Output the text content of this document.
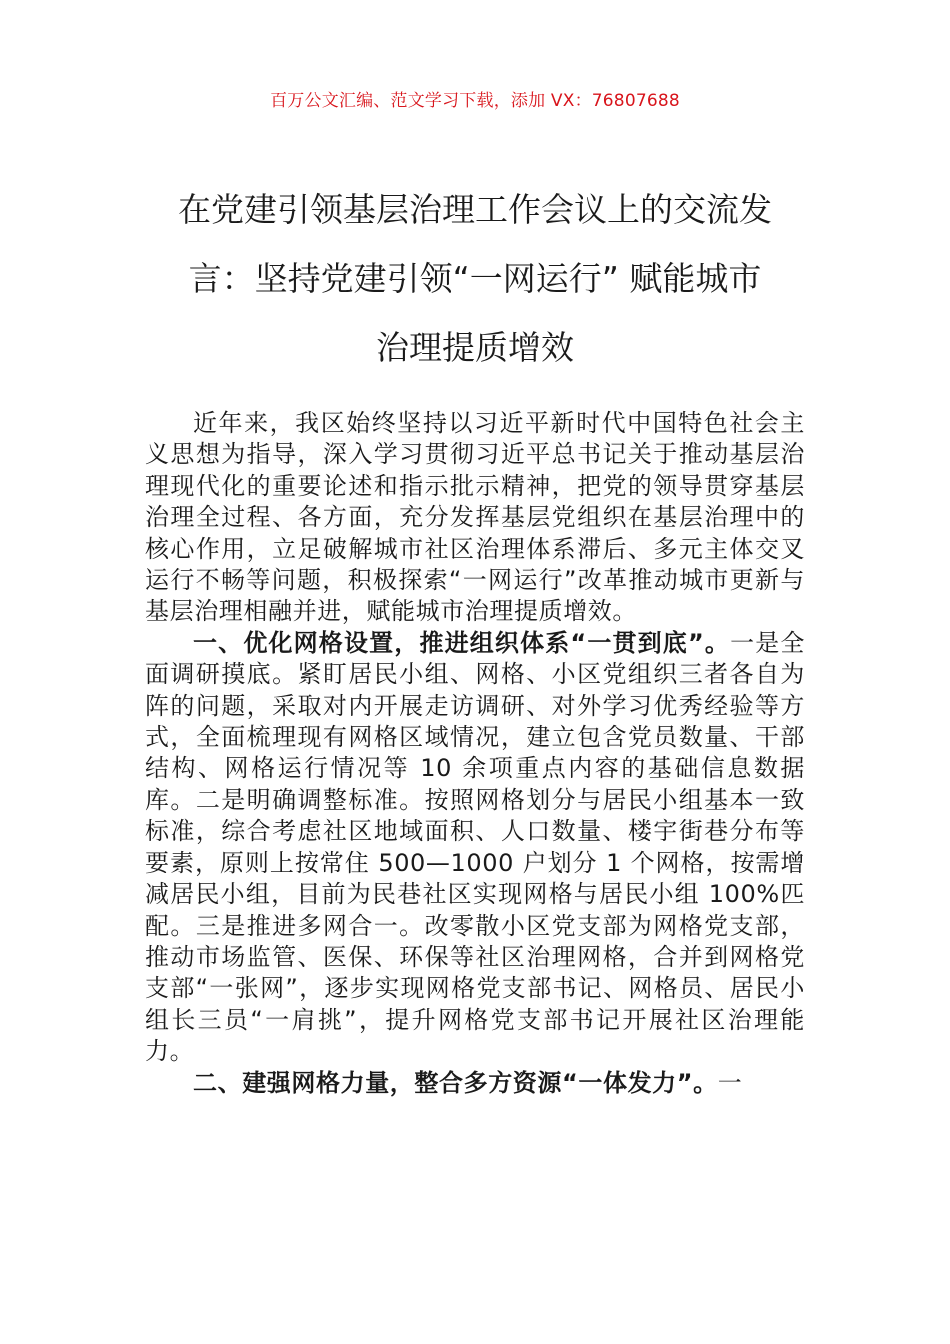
百万公文汇编、范文学习下载，添加 VX：76807688
在党建引领基层治理工作会议上的交流发
言：坚持党建引领“一网运行” 赋能城市
治理提质增效

近年来，我区始终坚持以习近平新时代中国特色社会主义思想为指导，深入学习贯彻习近平总书记关于推动基层治理现代化的重要论述和指示批示精神，把党的领导贯穿基层治理全过程、各方面，充分发挥基层党组织在基层治理中的核心作用，立足破解城市社区治理体系滞后、多元主体交叉运行不畅等问题，积极探索“一网运行”改革推动城市更新与基层治理相融并进，赋能城市治理提质增效。

一、优化网格设置，推进组织体系“一贯到底”。一是全面调研摸底。紧盯居民小组、网格、小区党组织三者各自为阵的问题，采取对内开展走访调研、对外学习优秀经验等方式，全面梳理现有网格区域情况，建立包含党员数量、干部结构、网格运行情况等 10 余项重点内容的基础信息数据库。二是明确调整标准。按照网格划分与居民小组基本一致标准，综合考虑社区地域面积、人口数量、楼宇街巷分布等要素，原则上按常住 500—1000 户划分 1 个网格，按需增减居民小组，目前为民巷社区实现网格与居民小组 100%匹配。三是推进多网合一。改零散小区党支部为网格党支部，推动市场监管、医保、环保等社区治理网格，合并到网格党支部“一张网”，逐步实现网格党支部书记、网格员、居民小组长三员“一肩挑”，提升网格党支部书记开展社区治理能力。

二、建强网格力量，整合多方资源“一体发力”。一
